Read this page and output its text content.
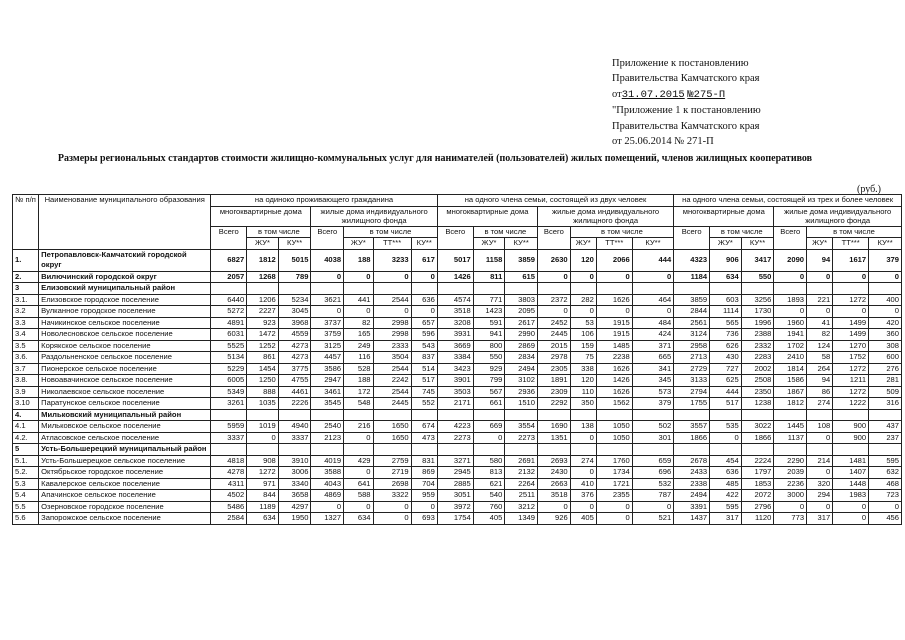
Приложение к постановлению
Правительства Камчатского края
от31.07.2015 №275-П
"Приложение 1 к постановлению
Правительства Камчатского края
от 25.06.2014 № 271-П
Размеры региональных стандартов стоимости жилищно-коммунальных услуг для нанимателей (пользователей) жилых помещений, членов жилищных кооперативов
(руб.)
№ п/п	Наименование муниципального образования	на одиноко проживающего гражданина							на одного члена семьи, состоящей из двух человек							на одного члена семьи, состоящей из трех и более человек						
		многоквартирные дома			жилые дома индивидуального жилищного фонда				многоквартирные дома			жилые дома индивидуального жилищного фонда				многоквартирные дома			жилые дома индивидуального жилищного фонда			
		Всего	в том числе		Всего	в том числе			Всего	в том числе		Всего	в том числе			Всего	в том числе		Всего	в том числе		
			ЖУ*	КУ**		ЖУ*	ТТ***	КУ**		ЖУ*	КУ**		ЖУ*	ТТ***	КУ**		ЖУ*	КУ**		ЖУ*	ТТ***	КУ**
1.	Петропавловск-Камчатский городской округ	6827	1812	5015	4038	188	3233	617	5017	1158	3859	2630	120	2066	444	4323	906	3417	2090	94	1617	379
2.	Вилючинский городской округ	2057	1268	789	0	0	0	0	1426	811	615	0	0	0	0	1184	634	550	0	0	0	0
3	Елизовский муниципальный район																					
3.1.	Елизовское городское поселение	6440	1206	5234	3621	441	2544	636	4574	771	3803	2372	282	1626	464	3859	603	3256	1893	221	1272	400
3.2	Вулканное городское поселение	5272	2227	3045	0	0	0	0	3518	1423	2095	0	0	0	0	2844	1114	1730	0	0	0	0
3.3	Начикинское сельское поселение	4891	923	3968	3737	82	2998	657	3208	591	2617	2452	53	1915	484	2561	565	1996	1960	41	1499	420
3.4	Новолесновское сельское поселение	6031	1472	4559	3759	165	2998	596	3931	941	2990	2445	106	1915	424	3124	736	2388	1941	82	1499	360
3.5	Корякское сельское поселение	5525	1252	4273	3125	249	2333	543	3669	800	2869	2015	159	1485	371	2958	626	2332	1702	124	1270	308
3.6.	Раздольненское сельское поселение	5134	861	4273	4457	116	3504	837	3384	550	2834	2978	75	2238	665	2713	430	2283	2410	58	1752	600
3.7	Пионерское сельское поселение	5229	1454	3775	3586	528	2544	514	3423	929	2494	2305	338	1626	341	2729	727	2002	1814	264	1272	276
3.8.	Новоавачинское сельское поселение	6005	1250	4755	2947	188	2242	517	3901	799	3102	1891	120	1426	345	3133	625	2508	1586	94	1211	281
3.9	Николаевское сельское поселение	5349	888	4461	3461	172	2544	745	3503	567	2936	2309	110	1626	573	2794	444	2350	1867	86	1272	509
3.10	Паратунское сельское поселение	3261	1035	2226	3545	548	2445	552	2171	661	1510	2292	350	1562	379	1755	517	1238	1812	274	1222	316
4.	Мильковский муниципальный район																					
4.1	Мильковское сельское поселение	5959	1019	4940	2540	216	1650	674	4223	669	3554	1690	138	1050	502	3557	535	3022	1445	108	900	437
4.2.	Атласовское сельское поселение	3337	0	3337	2123	0	1650	473	2273	0	2273	1351	0	1050	301	1866	0	1866	1137	0	900	237
5	Усть-Большерецкий муниципальный район																					
5.1.	Усть-Большерецкое сельское поселение	4818	908	3910	4019	429	2759	831	3271	580	2691	2693	274	1760	659	2678	454	2224	2290	214	1481	595
5.2.	Октябрьское городское поселение	4278	1272	3006	3588	0	2719	869	2945	813	2132	2430	0	1734	696	2433	636	1797	2039	0	1407	632
5.3	Кавалерское сельское поселение	4311	971	3340	4043	641	2698	704	2885	621	2264	2663	410	1721	532	2338	485	1853	2236	320	1448	468
5.4	Апачинское сельское поселение	4502	844	3658	4869	588	3322	959	3051	540	2511	3518	376	2355	787	2494	422	2072	3000	294	1983	723
5.5	Озерновское городское поселение	5486	1189	4297	0	0	0	0	3972	760	3212	0	0	0	0	3391	595	2796	0	0	0	0
5.6	Запорожское сельское поселение	2584	634	1950	1327	634	0	693	1754	405	1349	926	405	0	521	1437	317	1120	773	317	0	456
